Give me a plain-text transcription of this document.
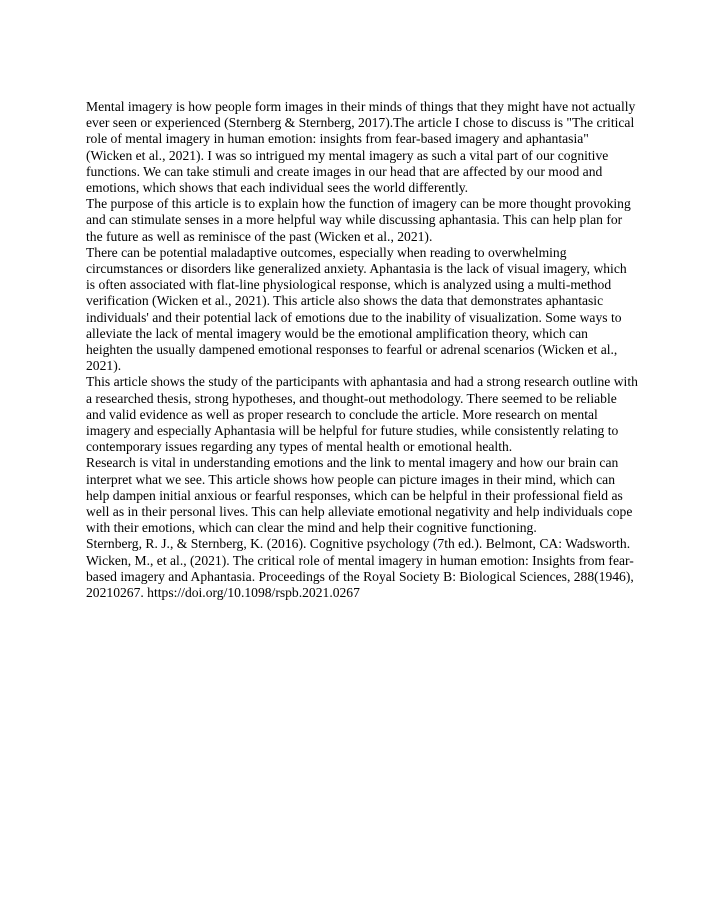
Mental imagery is how people form images in their minds of things that they might have not actually ever seen or experienced (Sternberg & Sternberg, 2017).The article I chose to discuss is "The critical role of mental imagery in human emotion: insights from fear-based imagery and aphantasia" (Wicken et al., 2021). I was so intrigued my mental imagery as such a vital part of our cognitive functions. We can take stimuli and create images in our head that are affected by our mood and emotions, which shows that each individual sees the world differently.

The purpose of this article is to explain how the function of imagery can be more thought provoking and can stimulate senses in a more helpful way while discussing aphantasia. This can help plan for the future as well as reminisce of the past (Wicken et al., 2021).

There can be potential maladaptive outcomes, especially when reading to overwhelming circumstances or disorders like generalized anxiety. Aphantasia is the lack of visual imagery, which is often associated with flat-line physiological response, which is analyzed using a multi-method verification (Wicken et al., 2021). This article also shows the data that demonstrates aphantasic individuals' and their potential lack of emotions due to the inability of visualization. Some ways to alleviate the lack of mental imagery would be the emotional amplification theory, which can heighten the usually dampened emotional responses to fearful or adrenal scenarios (Wicken et al., 2021).

This article shows the study of the participants with aphantasia and had a strong research outline with a researched thesis, strong hypotheses, and thought-out methodology. There seemed to be reliable and valid evidence as well as proper research to conclude the article. More research on mental imagery and especially Aphantasia will be helpful for future studies, while consistently relating to contemporary issues regarding any types of mental health or emotional health.

Research is vital in understanding emotions and the link to mental imagery and how our brain can interpret what we see. This article shows how people can picture images in their mind, which can help dampen initial anxious or fearful responses, which can be helpful in their professional field as well as in their personal lives. This can help alleviate emotional negativity and help individuals cope with their emotions, which can clear the mind and help their cognitive functioning.

Sternberg, R. J., & Sternberg, K. (2016). Cognitive psychology (7th ed.). Belmont, CA: Wadsworth.

Wicken, M., et al., (2021). The critical role of mental imagery in human emotion: Insights from fear-based imagery and Aphantasia. Proceedings of the Royal Society B: Biological Sciences, 288(1946), 20210267. https://doi.org/10.1098/rspb.2021.0267
